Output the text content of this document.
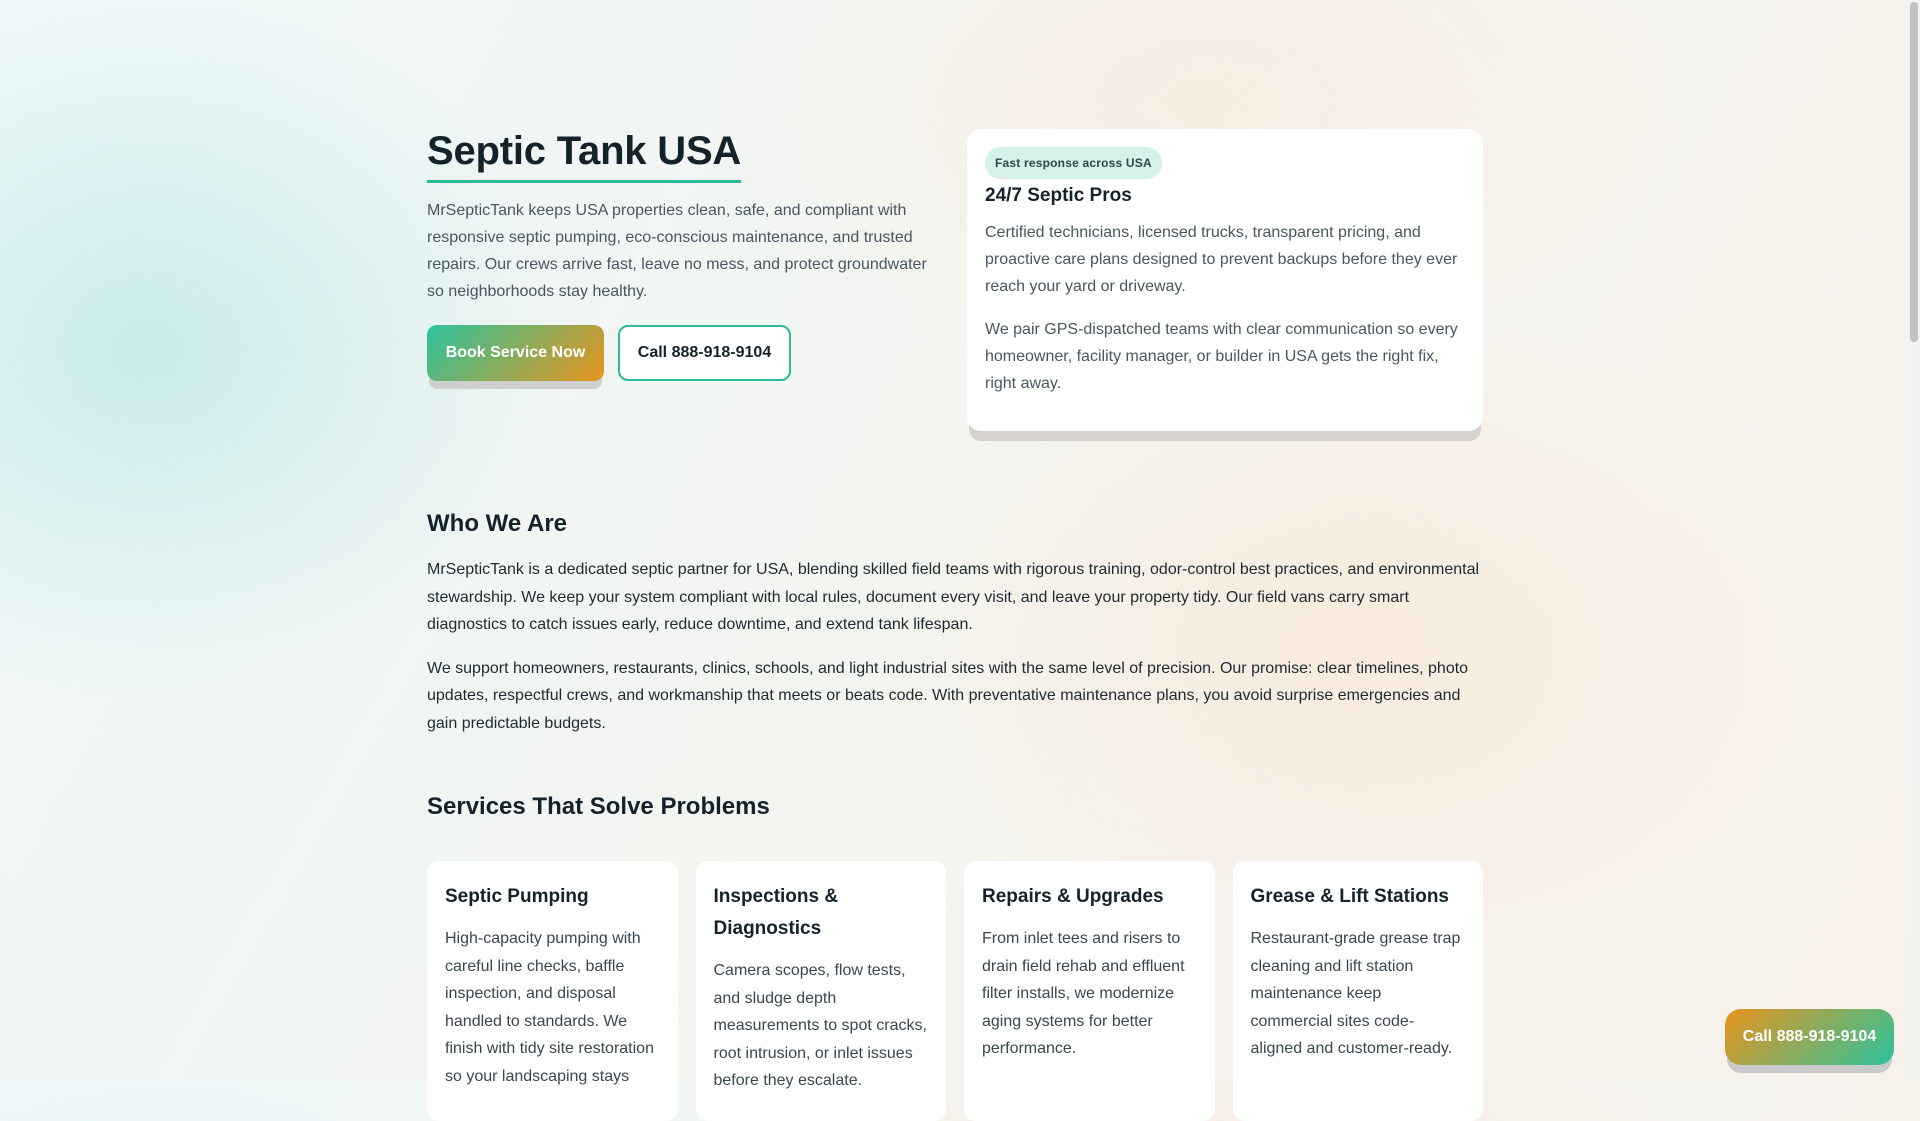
Septic Tank USA

MrSepticTank keeps USA properties clean, safe, and compliant with responsive septic pumping, eco-conscious maintenance, and trusted repairs. Our crews arrive fast, leave no mess, and protect groundwater so neighborhoods stay healthy.

Book Service Now	Call 888-918-9104
Fast response across USA
24/7 Septic Pros

Certified technicians, licensed trucks, transparent pricing, and proactive care plans designed to prevent backups before they ever reach your yard or driveway.

We pair GPS-dispatched teams with clear communication so every homeowner, facility manager, or builder in USA gets the right fix, right away.

Who We Are

MrSepticTank is a dedicated septic partner for USA, blending skilled field teams with rigorous training, odor-control best practices, and environmental stewardship. We keep your system compliant with local rules, document every visit, and leave your property tidy. Our field vans carry smart diagnostics to catch issues early, reduce downtime, and extend tank lifespan.

We support homeowners, restaurants, clinics, schools, and light industrial sites with the same level of precision. Our promise: clear timelines, photo updates, respectful crews, and workmanship that meets or beats code. With preventative maintenance plans, you avoid surprise emergencies and gain predictable budgets.

Services That Solve Problems
Septic Pumping

High-capacity pumping with careful line checks, baffle inspection, and disposal handled to standards. We finish with tidy site restoration so your landscaping stays

Inspections & Diagnostics

Camera scopes, flow tests, and sludge depth measurements to spot cracks, root intrusion, or inlet issues before they escalate.

Repairs & Upgrades

From inlet tees and risers to drain field rehab and effluent filter installs, we modernize aging systems for better performance.

Grease & Lift Stations

Restaurant-grade grease trap cleaning and lift station maintenance keep commercial sites code-aligned and customer-ready.

Call 888-918-9104
